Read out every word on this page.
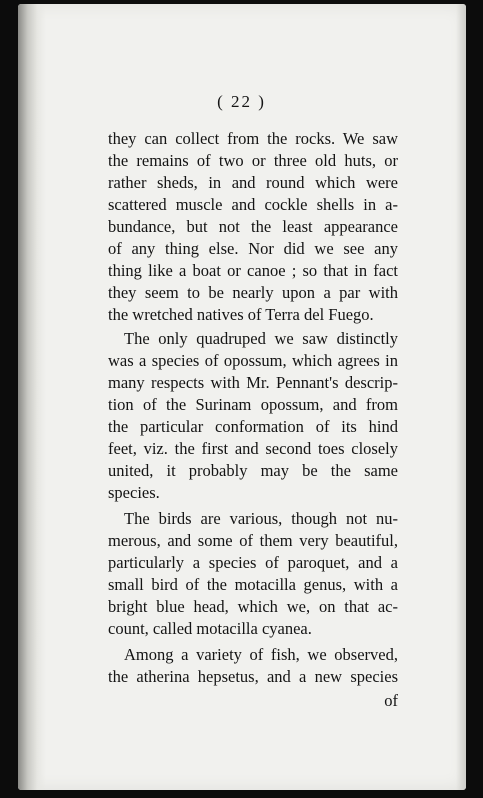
( 22 )
they can collect from the rocks. We saw
the remains of two or three old huts, or
rather sheds, in and round which were
scattered muscle and cockle shells in a-
bundance, but not the least appearance
of any thing else. Nor did we see any
thing like a boat or canoe ; so that in fact
they seem to be nearly upon a par with
the wretched natives of Terra del Fuego.
The only quadruped we saw distinctly
was a species of opossum, which agrees in
many respects with Mr. Pennant's descrip-
tion of the Surinam opossum, and from
the particular conformation of its hind
feet, viz. the first and second toes closely
united, it probably may be the same
species.
The birds are various, though not nu-
merous, and some of them very beautiful,
particularly a species of paroquet, and a
small bird of the motacilla genus, with a
bright blue head, which we, on that ac-
count, called motacilla cyanea.
Among a variety of fish, we observed,
the atherina hepsetus, and a new species
of
